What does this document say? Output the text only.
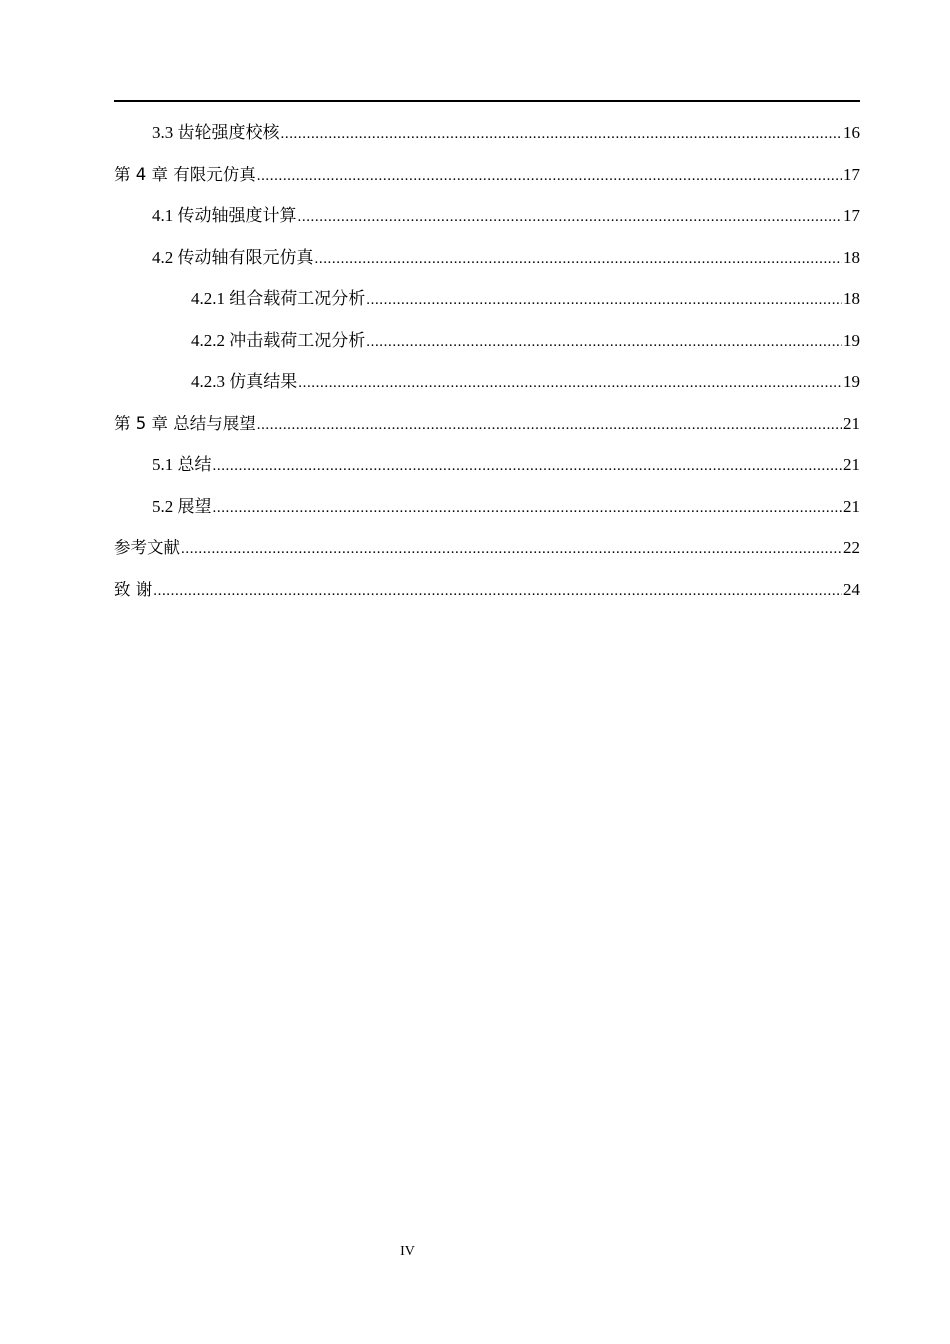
3.3 齿轮强度校核 .....	16
第 4 章 有限元仿真 .....	17
4.1 传动轴强度计算 .....	17
4.2 传动轴有限元仿真 .....	18
4.2.1 组合载荷工况分析 .....	18
4.2.2 冲击载荷工况分析 .....	19
4.2.3 仿真结果 .....	19
第 5 章 总结与展望 .....	21
5.1 总结 .....	21
5.2 展望 .....	21
参考文献 .....	22
致 谢 .....	24
IV
